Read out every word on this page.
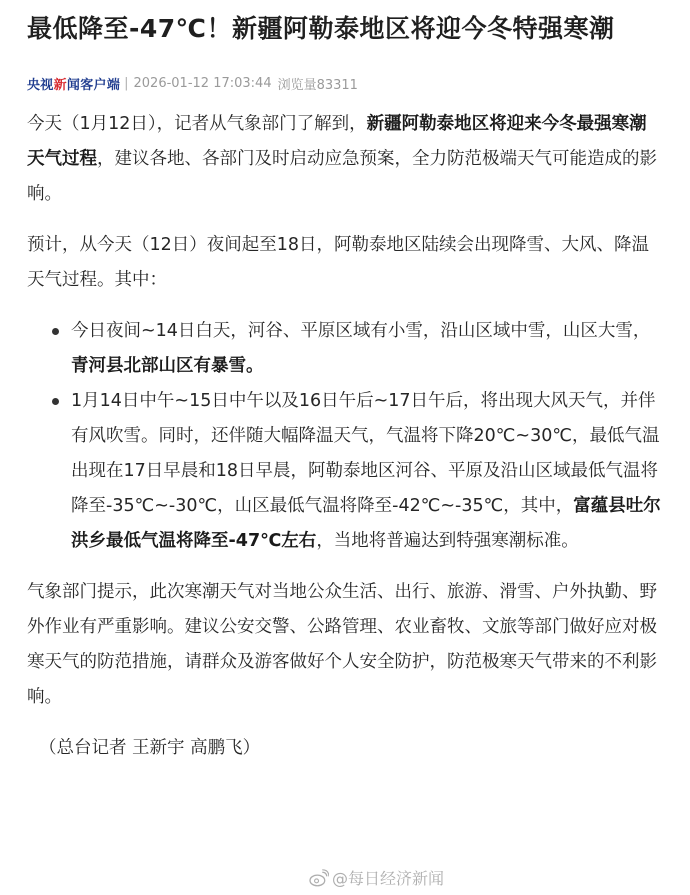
最低降至-47℃！新疆阿勒泰地区将迎今冬特强寒潮
央视新闻客户端 | 2026-01-12 17:03:44 浏览量83311

今天（1月12日），记者从气象部门了解到，新疆阿勒泰地区将迎来今冬最强寒潮天气过程，建议各地、各部门及时启动应急预案，全力防范极端天气可能造成的影响。

预计，从今天（12日）夜间起至18日，阿勒泰地区陆续会出现降雪、大风、降温天气过程。其中：

今日夜间~14日白天，河谷、平原区域有小雪，沿山区域中雪，山区大雪，青河县北部山区有暴雪。
1月14日中午~15日中午以及16日午后~17日午后，将出现大风天气，并伴有风吹雪。同时，还伴随大幅降温天气，气温将下降20℃~30℃，最低气温出现在17日早晨和18日早晨，阿勒泰地区河谷、平原及沿山区域最低气温将降至-35℃~-30℃，山区最低气温将降至-42℃~-35℃，其中，富蕴县吐尔洪乡最低气温将降至-47℃左右，当地将普遍达到特强寒潮标准。

气象部门提示，此次寒潮天气对当地公众生活、出行、旅游、滑雪、户外执勤、野外作业有严重影响。建议公安交警、公路管理、农业畜牧、文旅等部门做好应对极寒天气的防范措施，请群众及游客做好个人安全防护，防范极寒天气带来的不利影响。

（总台记者 王新宇 高鹏飞）

@每日经济新闻
